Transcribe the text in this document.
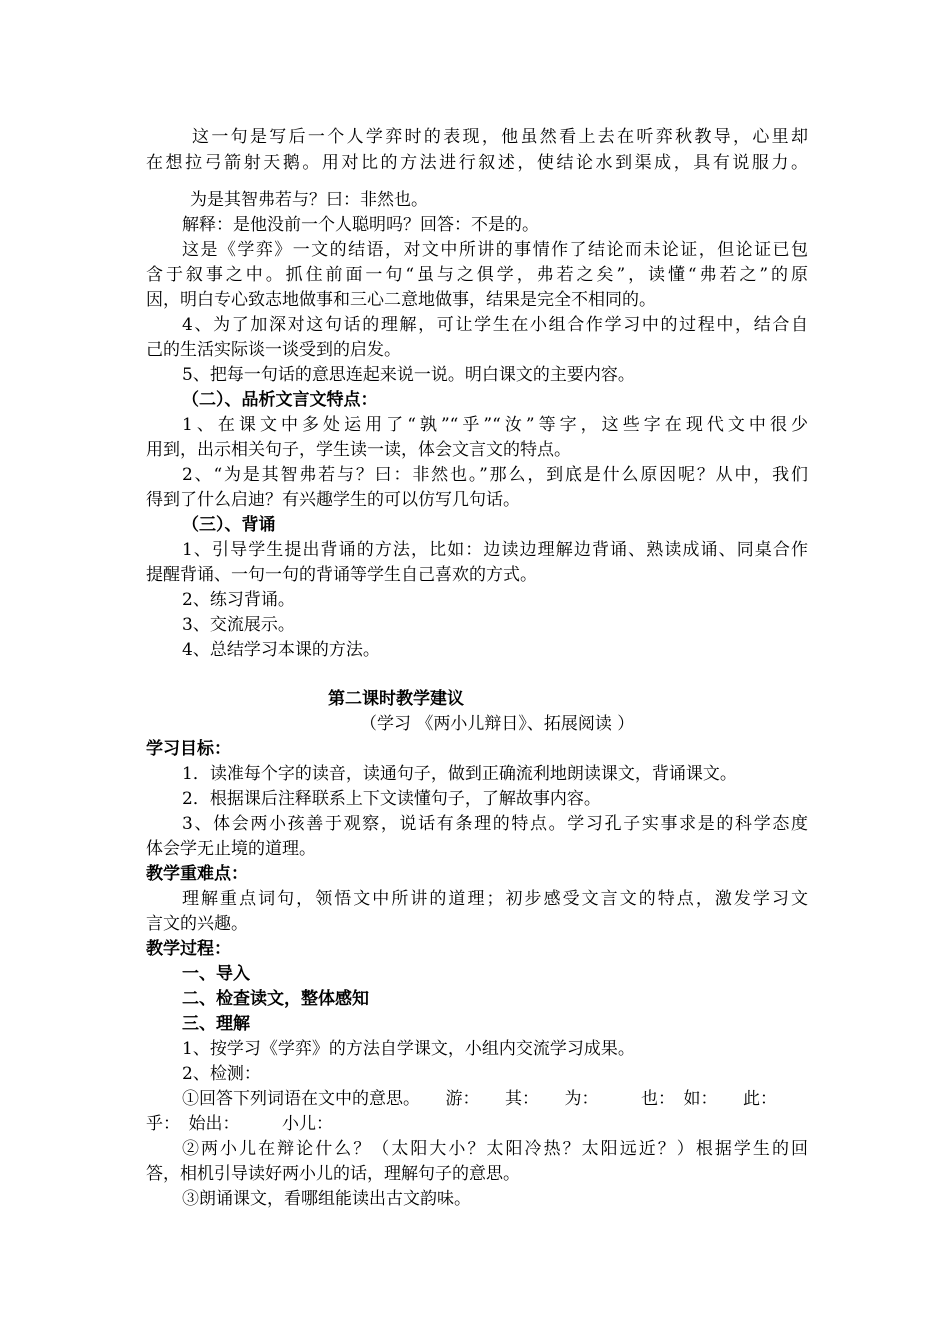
这一句是写后一个人学弈时的表现，他虽然看上去在听弈秋教导，心里却
在想拉弓箭射天鹅。用对比的方法进行叙述，使结论水到渠成，具有说服力。
为是其智弗若与？曰：非然也。
解释：是他没前一个人聪明吗？回答：不是的。
这是《学弈》一文的结语，对文中所讲的事情作了结论而未论证，但论证已包
含于叙事之中。抓住前面一句“虽与之俱学，弗若之矣”，读懂“弗若之”的原
因，明白专心致志地做事和三心二意地做事，结果是完全不相同的。
4、为了加深对这句话的理解，可让学生在小组合作学习中的过程中，结合自
己的生活实际谈一谈受到的启发。
5、把每一句话的意思连起来说一说。明白课文的主要内容。
（二）、品析文言文特点：
1、在课文中多处运用了“孰”“乎”“汝”等字，这些字在现代文中很少
用到，出示相关句子，学生读一读，体会文言文的特点。
2、“为是其智弗若与？曰：非然也。”那么，到底是什么原因呢？从中，我们
得到了什么启迪？有兴趣学生的可以仿写几句话。
（三）、背诵
1、引导学生提出背诵的方法，比如：边读边理解边背诵、熟读成诵、同桌合作
提醒背诵、一句一句的背诵等学生自己喜欢的方式。
2、练习背诵。
3、交流展示。
4、总结学习本课的方法。
第二课时教学建议
（学习 《两小儿辩日》、拓展阅读 ）
学习目标：
1．读准每个字的读音，读通句子，做到正确流利地朗读课文，背诵课文。
2．根据课后注释联系上下文读懂句子，了解故事内容。
3、体会两小孩善于观察，说话有条理的特点。学习孔子实事求是的科学态度
体会学无止境的道理。
教学重难点：
理解重点词句，领悟文中所讲的道理；初步感受文言文的特点，激发学习文
言文的兴趣。
教学过程：
一、导入
二、检查读文，整体感知
三、理解
1、按学习《学弈》的方法自学课文，小组内交流学习成果。
2、检测：
①回答下列词语在文中的意思。　　游：　　其：　　为：　　　也：　如：　　此：
乎：　始出：　　　小儿：
②两小儿在辩论什么？（太阳大小？太阳冷热？太阳远近？）根据学生的回
答，相机引导读好两小儿的话，理解句子的意思。
③朗诵课文，看哪组能读出古文韵味。
